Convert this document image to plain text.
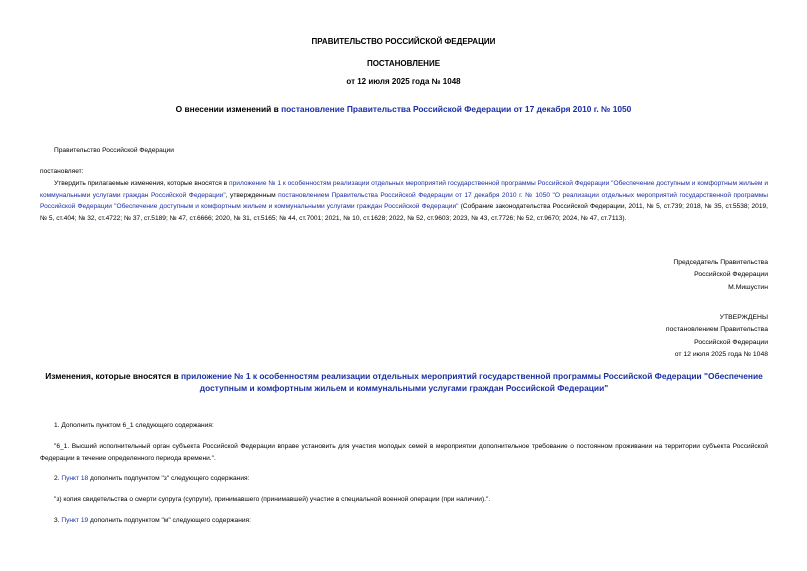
ПРАВИТЕЛЬСТВО РОССИЙСКОЙ ФЕДЕРАЦИИ
ПОСТАНОВЛЕНИЕ
от 12 июля 2025 года № 1048
О внесении изменений в постановление Правительства Российской Федерации от 17 декабря 2010 г. № 1050
Правительство Российской Федерации
постановляет:
Утвердить прилагаемые изменения, которые вносятся в приложение № 1 к особенностям реализации отдельных мероприятий государственной программы Российской Федерации "Обеспечение доступным и комфортным жильем и коммунальными услугами граждан Российской Федерации", утвержденным постановлением Правительства Российской Федерации от 17 декабря 2010 г. № 1050 "О реализации отдельных мероприятий государственной программы Российской Федерации "Обеспечение доступным и комфортным жильем и коммунальными услугами граждан Российской Федерации" (Собрание законодательства Российской Федерации, 2011, № 5, ст.739; 2018, № 35, ст.5538; 2019, № 5, ст.404; № 32, ст.4722; № 37, ст.5189; № 47, ст.6666; 2020, № 31, ст.5165; № 44, ст.7001; 2021, № 10, ст.1628; 2022, № 52, ст.9603; 2023, № 43, ст.7726; № 52, ст.9670; 2024, № 47, ст.7113).
Председатель Правительства
Российской Федерации
М.Мишустин
УТВЕРЖДЕНЫ
постановлением Правительства
Российской Федерации
от 12 июля 2025 года № 1048
Изменения, которые вносятся в приложение № 1 к особенностям реализации отдельных мероприятий государственной программы Российской Федерации "Обеспечение доступным и комфортным жильем и коммунальными услугами граждан Российской Федерации"
1. Дополнить пунктом 6_1 следующего содержания:
"6_1. Высший исполнительный орган субъекта Российской Федерации вправе установить для участия молодых семей в мероприятии дополнительное требование о постоянном проживании на территории субъекта Российской Федерации в течение определенного периода времени.".
2. Пункт 18 дополнить подпунктом "з" следующего содержания:
"з) копия свидетельства о смерти супруга (супруги), принимавшего (принимавшей) участие в специальной военной операции (при наличии).".
3. Пункт 19 дополнить подпунктом "м" следующего содержания:
